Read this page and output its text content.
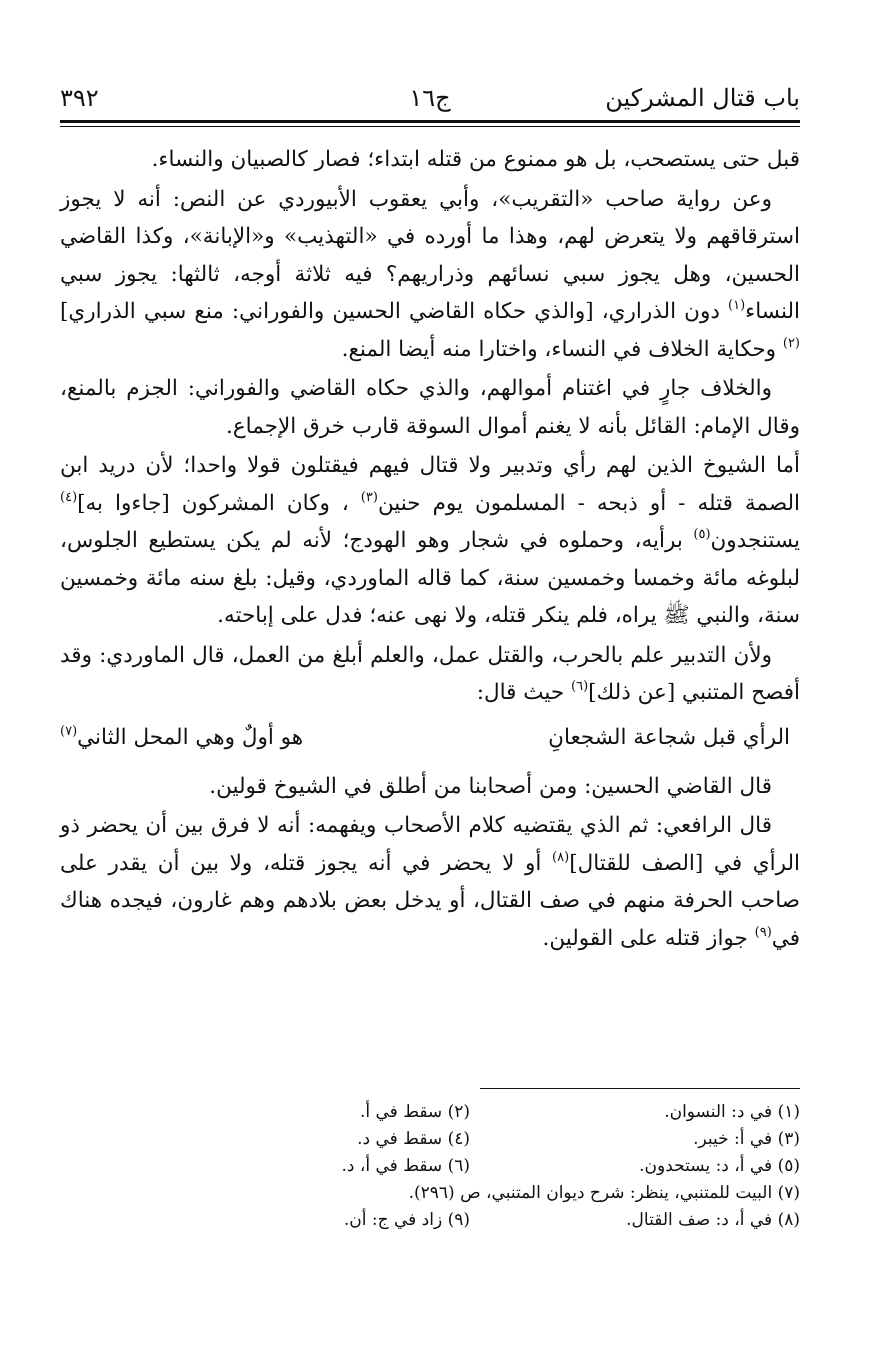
باب قتال المشركين
ج١٦
٣٩٢

قبل حتى يستصحب، بل هو ممنوع من قتله ابتداء؛ فصار كالصبيان والنساء.

وعن رواية صاحب «التقريب»، وأبي يعقوب الأبيوردي عن النص: أنه لا يجوز استرقاقهم ولا يتعرض لهم، وهذا ما أورده في «التهذيب» و«الإبانة»، وكذا القاضي الحسين، وهل يجوز سبي نسائهم وذراريهم؟ فيه ثلاثة أوجه، ثالثها: يجوز سبي النساء$^{(١)}$ دون الذراري، [والذي حكاه القاضي الحسين والفوراني: منع سبي الذراري]$^{(٢)}$ وحكاية الخلاف في النساء، واختارا منه أيضا المنع.

والخلاف جارٍ في اغتنام أموالهم، والذي حكاه القاضي والفوراني: الجزم بالمنع، وقال الإمام: القائل بأنه لا يغنم أموال السوقة قارب خرق الإجماع.

أما الشيوخ الذين لهم رأي وتدبير ولا قتال فيهم فيقتلون قولا واحدا؛ لأن دريد ابن الصمة قتله - أو ذبحه - المسلمون يوم حنين$^{(٣)}$ ، وكان المشركون [جاءوا به]$^{(٤)}$ يستنجدون$^{(٥)}$ برأيه، وحملوه في شجار وهو الهودج؛ لأنه لم يكن يستطيع الجلوس، لبلوغه مائة وخمسا وخمسين سنة، كما قاله الماوردي، وقيل: بلغ سنه مائة وخمسين سنة، والنبي ﷺ يراه، فلم ينكر قتله، ولا نهى عنه؛ فدل على إباحته.

ولأن التدبير علم بالحرب، والقتل عمل، والعلم أبلغ من العمل، قال الماوردي: وقد أفصح المتنبي [عن ذلك]$^{(٦)}$ حيث قال:

الرأي قبل شجاعة الشجعانِ
هو أولٌ وهي المحل الثاني$^{(٧)}$

قال القاضي الحسين: ومن أصحابنا من أطلق في الشيوخ قولين.

قال الرافعي: ثم الذي يقتضيه كلام الأصحاب ويفهمه: أنه لا فرق بين أن يحضر ذو الرأي في [الصف للقتال]$^{(٨)}$ أو لا يحضر في أنه يجوز قتله، ولا بين أن يقدر على صاحب الحرفة منهم في صف القتال، أو يدخل بعض بلادهم وهم غارون، فيجده هناك في$^{(٩)}$ جواز قتله على القولين.

(١) في د: النسوان.
(٢) سقط في أ.
(٣) في أ: خيبر.
(٤) سقط في د.
(٥) في أ، د: يستحدون.
(٦) سقط في أ، د.
(٧) البيت للمتنبي، ينظر: شرح ديوان المتنبي، ص (٢٩٦).
(٨) في أ، د: صف القتال.
(٩) زاد في ج: أن.
